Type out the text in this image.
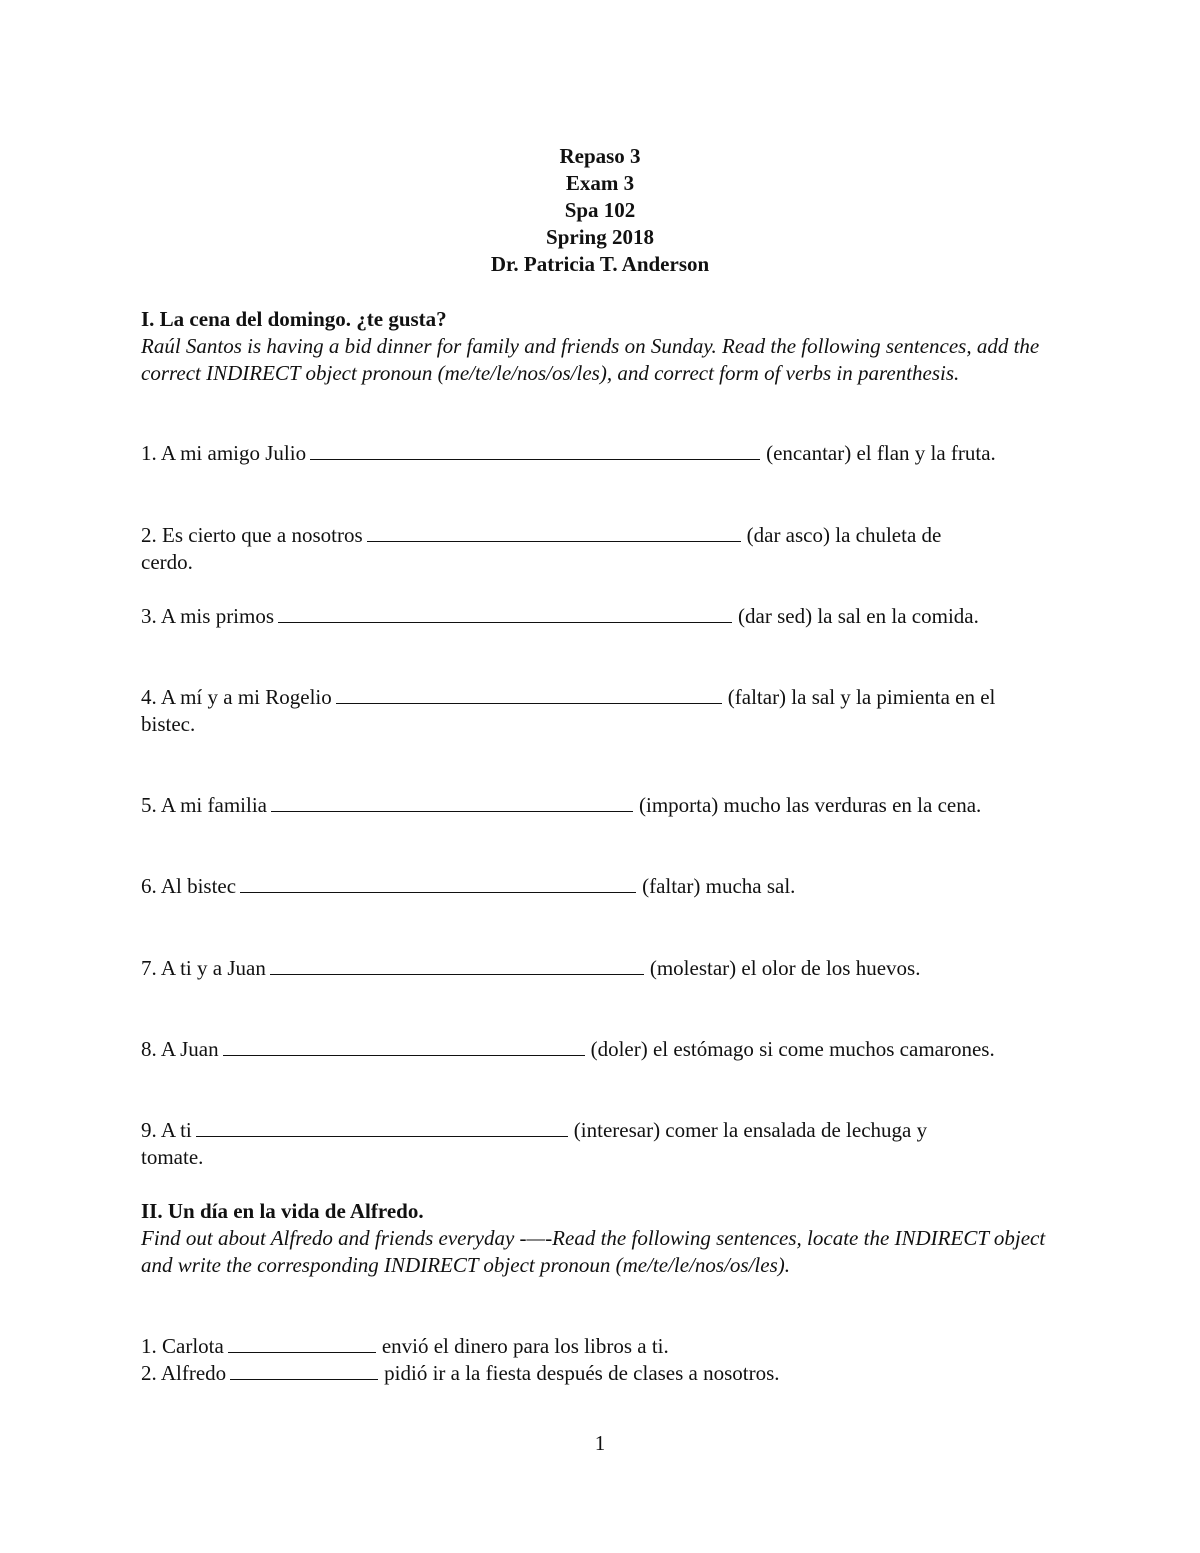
Repaso 3
Exam 3
Spa 102
Spring 2018
Dr. Patricia T. Anderson
I. La cena del domingo. ¿te gusta?
Raúl Santos is having a bid dinner for family and friends on Sunday. Read the following sentences, add the correct INDIRECT object pronoun (me/te/le/nos/os/les), and correct form of verbs in parenthesis.
1. A mi amigo Julio	(encantar) el flan y la fruta.
2. Es cierto que a nosotros	(dar asco) la chuleta de
cerdo.
3. A mis primos	(dar sed) la sal en la comida.
4. A mí y a mi Rogelio	(faltar) la sal y la pimienta en el
bistec.
5. A mi familia	(importa) mucho las verduras en la cena.
6. Al bistec	(faltar) mucha sal.
7. A ti y a Juan	(molestar) el olor de los huevos.
8. A Juan	(doler) el estómago si come muchos camarones.
9. A ti	(interesar) comer la ensalada de lechuga y
tomate.
II. Un día en la vida de Alfredo.
Find out about Alfredo and friends everyday -—-Read the following sentences, locate the INDIRECT object and write the corresponding INDIRECT object pronoun (me/te/le/nos/os/les).
1. Carlota	envió el dinero para los libros a ti.
2. Alfredo	pidió ir a la fiesta después de clases a nosotros.
1
